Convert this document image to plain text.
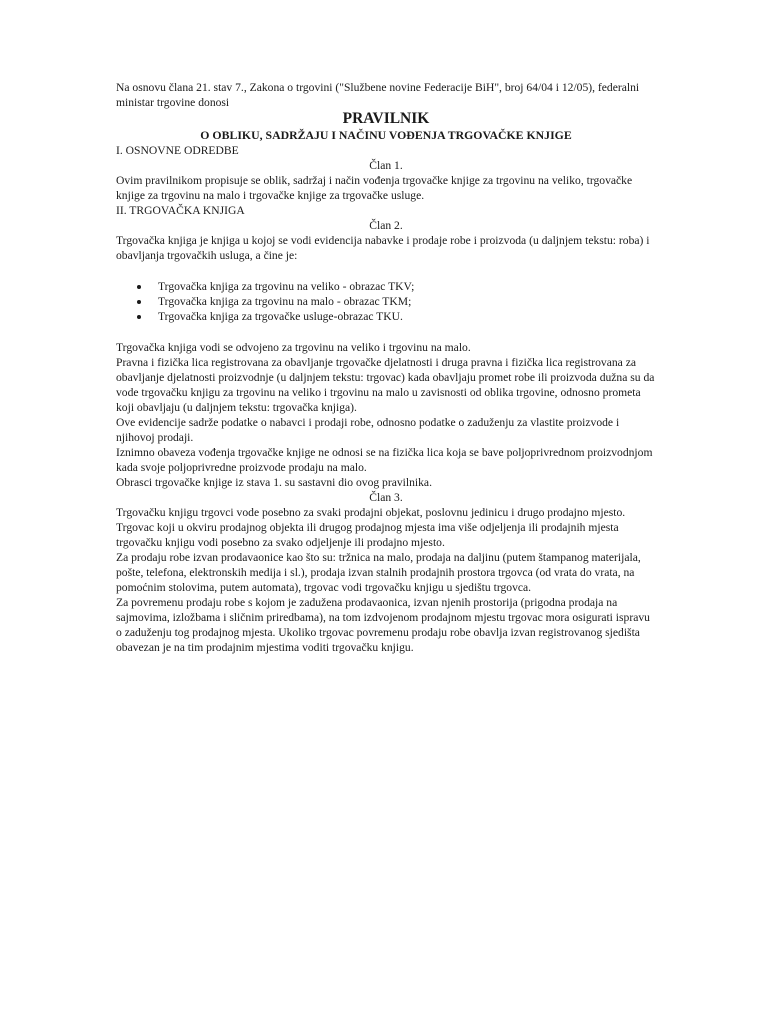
Na osnovu člana 21. stav 7., Zakona o trgovini ("Službene novine Federacije BiH", broj 64/04 i 12/05), federalni ministar trgovine donosi

PRAVILNIK

O OBLIKU, SADRŽAJU I NAČINU VOĐENJA TRGOVAČKE KNJIGE

I. OSNOVNE ODREDBE

Član 1.

Ovim pravilnikom propisuje se oblik, sadržaj i način vođenja trgovačke knjige za trgovinu na veliko, trgovačke knjige za trgovinu na malo i trgovačke knjige za trgovačke usluge.

II. TRGOVAČKA KNJIGA

Član 2.

Trgovačka knjiga je knjiga u kojoj se vodi evidencija nabavke i prodaje robe i proizvoda (u daljnjem tekstu: roba) i obavljanja trgovačkih usluga, a čine je:

Trgovačka knjiga za trgovinu na veliko - obrazac TKV;
Trgovačka knjiga za trgovinu na malo - obrazac TKM;
Trgovačka knjiga za trgovačke usluge-obrazac TKU.

Trgovačka knjiga vodi se odvojeno za trgovinu na veliko i trgovinu na malo.

Pravna i fizička lica registrovana za obavljanje trgovačke djelatnosti i druga pravna i fizička lica registrovana za obavljanje djelatnosti proizvodnje (u daljnjem tekstu: trgovac) kada obavljaju promet robe ili proizvoda dužna su da vode trgovačku knjigu za trgovinu na veliko i trgovinu na malo u zavisnosti od oblika trgovine, odnosno prometa koji obavljaju (u daljnjem tekstu: trgovačka knjiga).

Ove evidencije sadrže podatke o nabavci i prodaji robe, odnosno podatke o zaduženju za vlastite proizvode i njihovoj prodaji.

Iznimno obaveza vođenja trgovačke knjige ne odnosi se na fizička lica koja se bave poljoprivrednom proizvodnjom kada svoje poljoprivredne proizvode prodaju na malo.

Obrasci trgovačke knjige iz stava 1. su sastavni dio ovog pravilnika.

Član 3.

Trgovačku knjigu trgovci vode posebno za svaki prodajni objekat, poslovnu jedinicu i drugo prodajno mjesto.

Trgovac koji u okviru prodajnog objekta ili drugog prodajnog mjesta ima više odjeljenja ili prodajnih mjesta trgovačku knjigu vodi posebno za svako odjeljenje ili prodajno mjesto.

Za prodaju robe izvan prodavaonice kao što su: tržnica na malo, prodaja na daljinu (putem štampanog materijala, pošte, telefona, elektronskih medija i sl.), prodaja izvan stalnih prodajnih prostora trgovca (od vrata do vrata, na pomoćnim stolovima, putem automata), trgovac vodi trgovačku knjigu u sjedištu trgovca.

Za povremenu prodaju robe s kojom je zadužena prodavaonica, izvan njenih prostorija (prigodna prodaja na sajmovima, izložbama i sličnim priredbama), na tom izdvojenom prodajnom mjestu trgovac mora osigurati ispravu o zaduženju tog prodajnog mjesta. Ukoliko trgovac povremenu prodaju robe obavlja izvan registrovanog sjedišta obavezan je na tim prodajnim mjestima voditi trgovačku knjigu.
